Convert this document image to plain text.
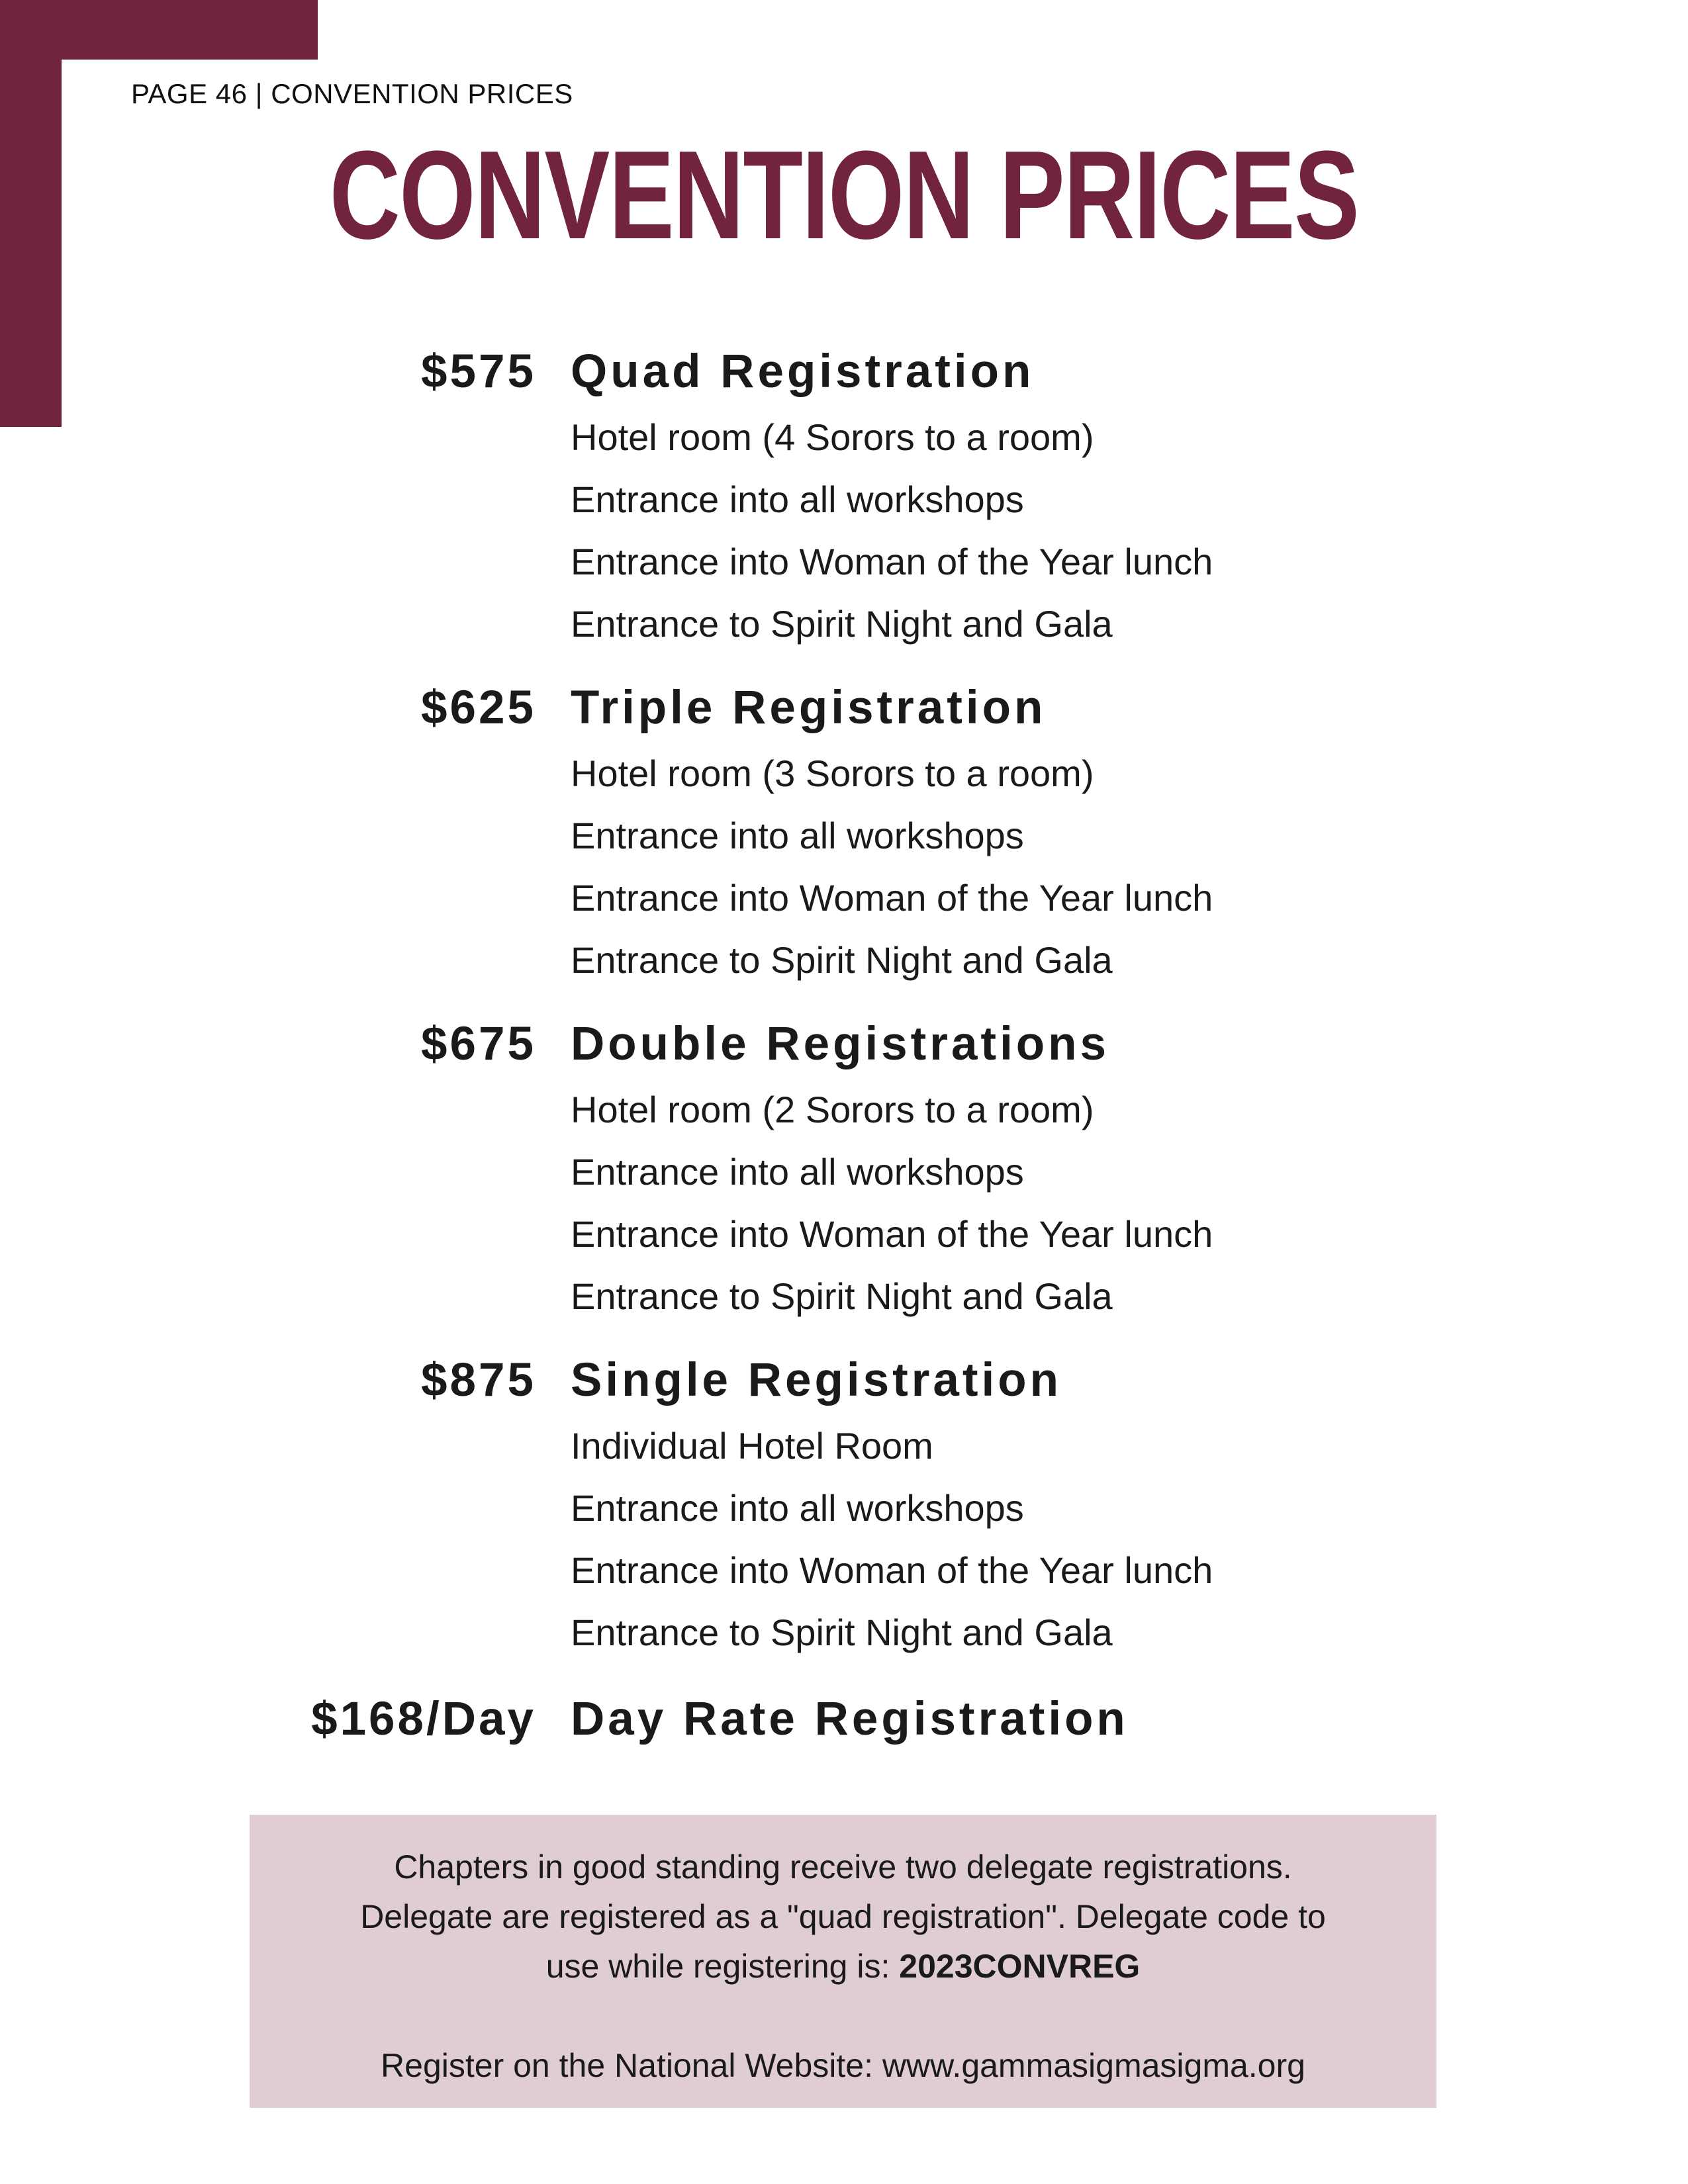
PAGE 46 | CONVENTION PRICES
CONVENTION PRICES
$575 Quad Registration
Hotel room (4 Sorors to a room)
Entrance into all workshops
Entrance into Woman of the Year lunch
Entrance to Spirit Night and Gala
$625 Triple Registration
Hotel room (3 Sorors to a room)
Entrance into all workshops
Entrance into Woman of the Year lunch
Entrance to Spirit Night and Gala
$675 Double Registrations
Hotel room (2 Sorors to a room)
Entrance into all workshops
Entrance into Woman of the Year lunch
Entrance to Spirit Night and Gala
$875 Single Registration
Individual Hotel Room
Entrance into all workshops
Entrance into Woman of the Year lunch
Entrance to Spirit Night and Gala
$168/Day Day Rate Registration

Chapters in good standing receive two delegate registrations.

Delegate are registered as a "quad registration". Delegate code to

use while registering is: 2023CONVREG

Register on the National Website: www.gammasigmasigma.org
